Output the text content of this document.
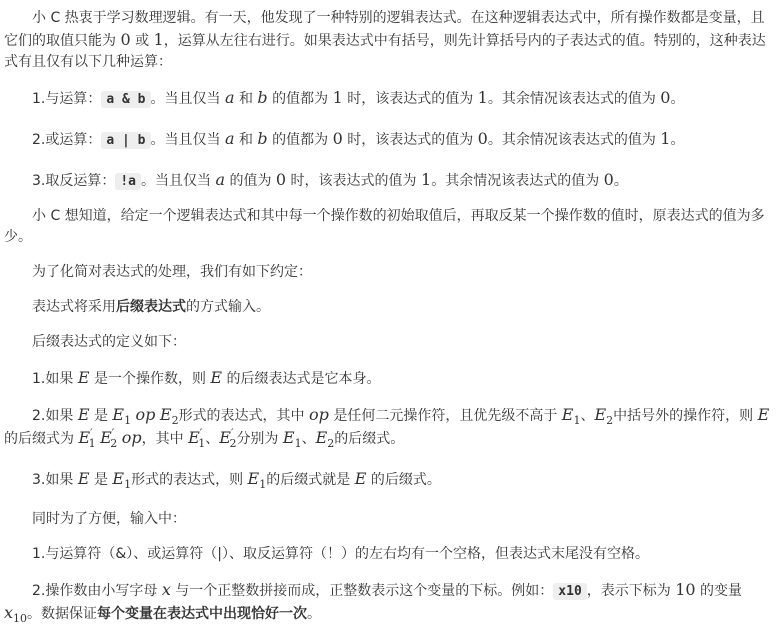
小 C 热衷于学习数理逻辑。有一天，他发现了一种特别的逻辑表达式。在这种逻辑表达式中，所有操作数都是变量，且它们的取值只能为 0 或 1，运算从左往右进行。如果表达式中有括号，则先计算括号内的子表达式的值。特别的，这种表达式有且仅有以下几种运算：

1.与运算： a & b 。当且仅当 a 和 b 的值都为 1 时，该表达式的值为 1。其余情况该表达式的值为 0。

2.或运算： a | b 。当且仅当 a 和 b 的值都为 0 时，该表达式的值为 0。其余情况该表达式的值为 1。

3.取反运算： !a 。当且仅当 a 的值为 0 时，该表达式的值为 1。其余情况该表达式的值为 0。

小 C 想知道，给定一个逻辑表达式和其中每一个操作数的初始取值后，再取反某一个操作数的值时，原表达式的值为多少。

为了化简对表达式的处理，我们有如下约定：

表达式将采用后缀表达式的方式输入。

后缀表达式的定义如下：

1.如果 E 是一个操作数，则 E 的后缀表达式是它本身。

2.如果 E 是 $E_1$ op $E_2$形式的表达式，其中 op 是任何二元操作符，且优先级不高于 $E_1$、$E_2$中括号外的操作符，则 E 的后缀式为 $E'_1$ $E'_2$ op，其中 $E'_1$、$E'_2$分别为 $E_1$、$E_2$的后缀式。

3.如果 E 是 $E_1$形式的表达式，则 $E_1$的后缀式就是 E 的后缀式。

同时为了方便，输入中：

1.与运算符（&）、或运算符（|）、取反运算符（！）的左右均有一个空格，但表达式末尾没有空格。

2.操作数由小写字母 x 与一个正整数拼接而成，正整数表示这个变量的下标。例如： x10 ，表示下标为 10 的变量 $x_{10}$。数据保证每个变量在表达式中出现恰好一次。
